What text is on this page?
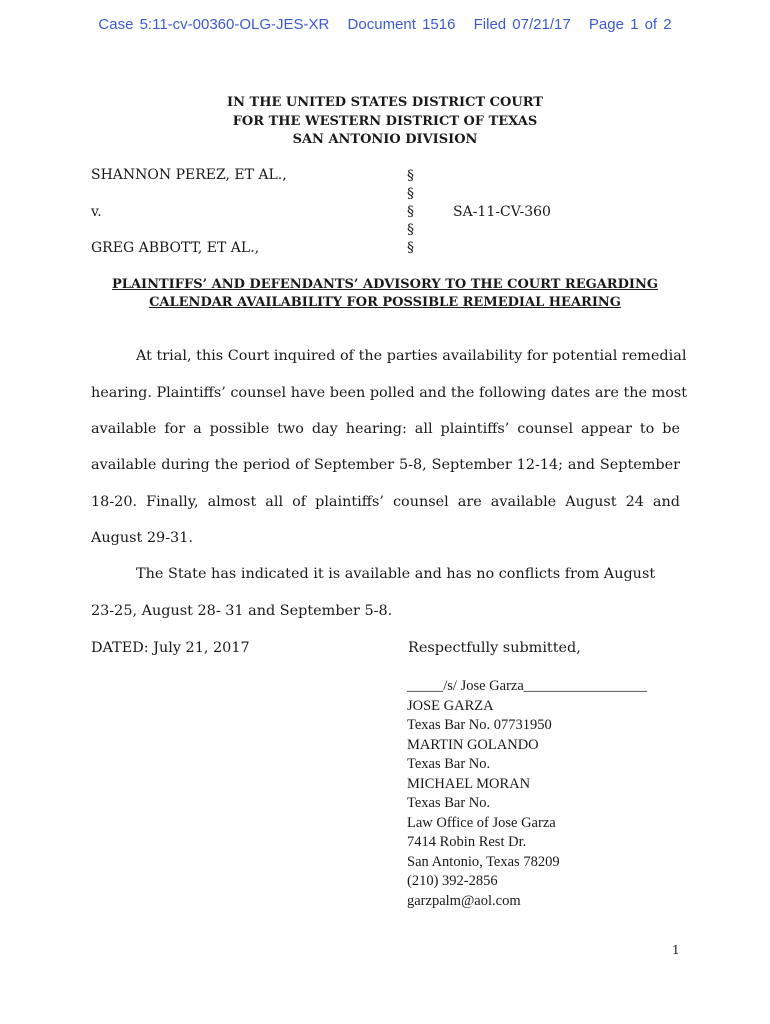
Case 5:11-cv-00360-OLG-JES-XR Document 1516 Filed 07/21/17 Page 1 of 2
IN THE UNITED STATES DISTRICT COURT
FOR THE WESTERN DISTRICT OF TEXAS
SAN ANTONIO DIVISION
SHANNON PEREZ, ET AL.,
v.
GREG ABBOTT, ET AL.,
§
§
§
§
§
SA-11-CV-360
PLAINTIFFS’ AND DEFENDANTS’ ADVISORY TO THE COURT REGARDING
CALENDAR AVAILABILITY FOR POSSIBLE REMEDIAL HEARING
At trial, this Court inquired of the parties availability for potential remedial
hearing. Plaintiffs’ counsel have been polled and the following dates are the most
available for a possible two day hearing: all plaintiffs’ counsel appear to be
available during the period of September 5-8, September 12-14; and September
18-20. Finally, almost all of plaintiffs’ counsel are available August 24 and
August 29-31.
The State has indicated it is available and has no conflicts from August
23-25, August 28- 31 and September 5-8.
DATED: July 21, 2017	Respectfully submitted,
_____/s/ Jose Garza_________________
JOSE GARZA
Texas Bar No. 07731950
MARTIN GOLANDO
Texas Bar No.
MICHAEL MORAN
Texas Bar No.
Law Office of Jose Garza
7414 Robin Rest Dr.
San Antonio, Texas 78209
(210) 392-2856
garzpalm@aol.com
1
